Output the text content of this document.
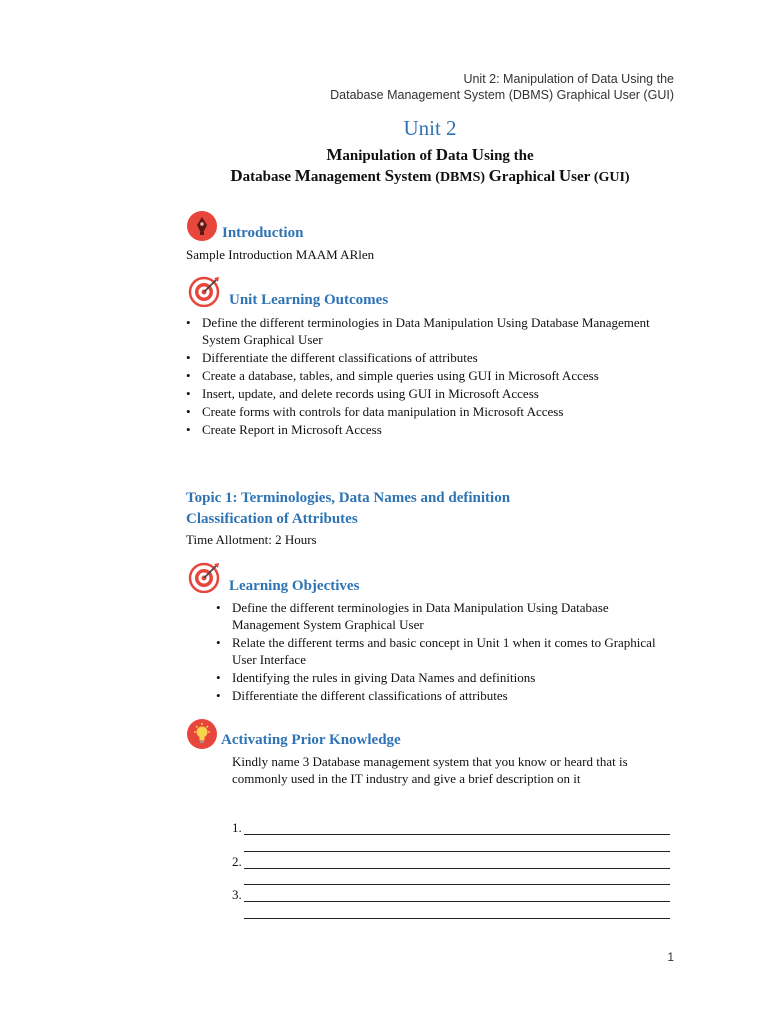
Unit 2: Manipulation of Data Using the
Database Management System (DBMS) Graphical User (GUI)
Unit 2
Manipulation of Data Using the
Database Management System (DBMS) Graphical User (GUI)
Introduction
Sample Introduction MAAM ARlen
Unit Learning Outcomes
• Define the different terminologies in Data Manipulation Using Database Management System Graphical User
• Differentiate the different classifications of attributes
• Create a database, tables, and simple queries using GUI in Microsoft Access
• Insert, update, and delete records using GUI in Microsoft Access
• Create forms with controls for data manipulation in Microsoft Access
• Create Report in Microsoft Access
Topic 1: Terminologies, Data Names and definition
Classification of Attributes
Time Allotment: 2 Hours
Learning Objectives
• Define the different terminologies in Data Manipulation Using Database Management System Graphical User
• Relate the different terms and basic concept in Unit 1 when it comes to Graphical User Interface
• Identifying the rules in giving Data Names and definitions
• Differentiate the different classifications of attributes
Activating Prior Knowledge
Kindly name 3 Database management system that you know or heard that is commonly used in the IT industry and give a brief description on it
1.
2.
3.
1
